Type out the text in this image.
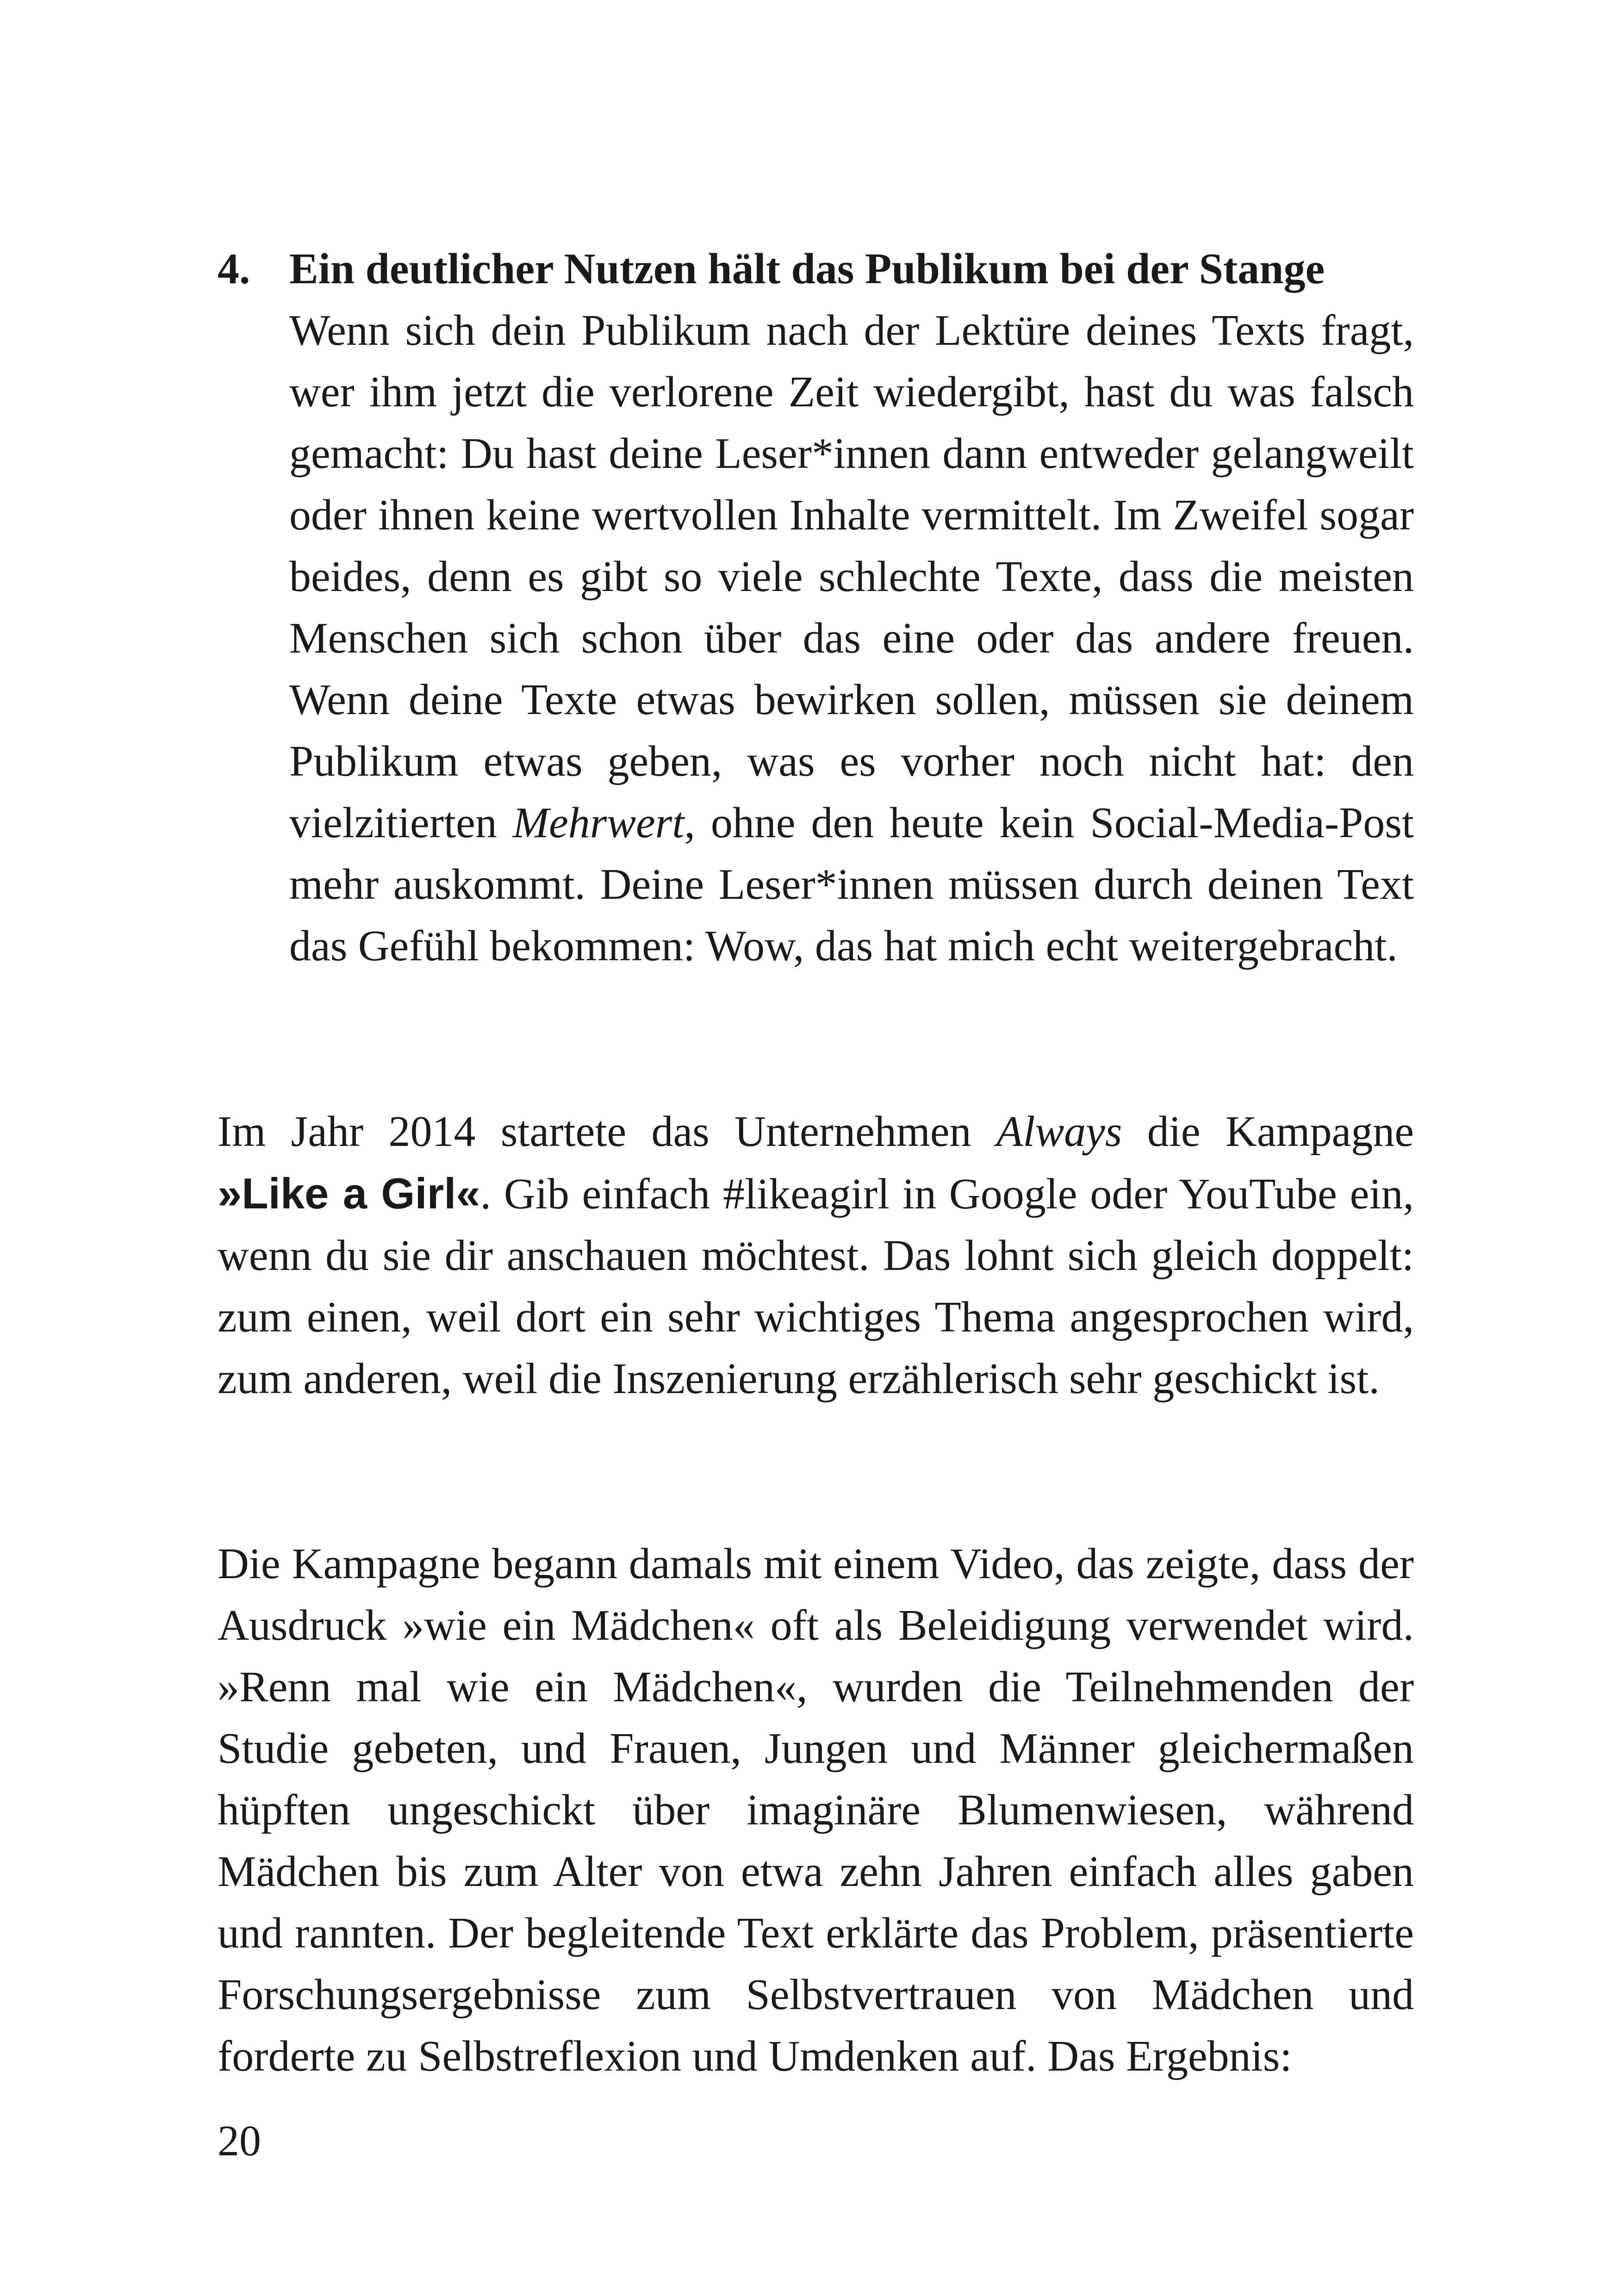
4. Ein deutlicher Nutzen hält das Publikum bei der Stange
Wenn sich dein Publikum nach der Lektüre deines Texts fragt, wer ihm jetzt die verlorene Zeit wiedergibt, hast du was falsch gemacht: Du hast deine Leser*innen dann entweder gelangweilt oder ihnen keine wertvollen Inhalte vermittelt. Im Zweifel sogar beides, denn es gibt so viele schlechte Texte, dass die meisten Menschen sich schon über das eine oder das andere freuen. Wenn deine Texte etwas bewirken sollen, müssen sie deinem Publikum etwas geben, was es vorher noch nicht hat: den vielzitierten Mehrwert, ohne den heute kein Social-Media-Post mehr auskommt. Deine Leser*innen müssen durch deinen Text das Gefühl bekommen: Wow, das hat mich echt weitergebracht.

Im Jahr 2014 startete das Unternehmen Always die Kampagne »Like a Girl«. Gib einfach #likeagirl in Google oder YouTube ein, wenn du sie dir anschauen möchtest. Das lohnt sich gleich doppelt: zum einen, weil dort ein sehr wichtiges Thema angesprochen wird, zum anderen, weil die Inszenierung erzählerisch sehr geschickt ist.

Die Kampagne begann damals mit einem Video, das zeigte, dass der Ausdruck »wie ein Mädchen« oft als Beleidigung verwendet wird. »Renn mal wie ein Mädchen«, wurden die Teilnehmenden der Studie gebeten, und Frauen, Jungen und Männer gleichermaßen hüpften ungeschickt über imaginäre Blumenwiesen, während Mädchen bis zum Alter von etwa zehn Jahren einfach alles gaben und rannten. Der begleitende Text erklärte das Problem, präsentierte Forschungsergebnisse zum Selbstvertrauen von Mädchen und forderte zu Selbstreflexion und Umdenken auf. Das Ergebnis:

20
